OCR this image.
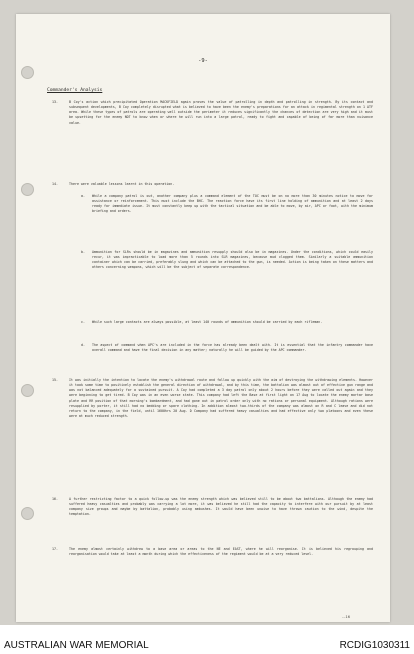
-9-
Commander's Analysis
13.	B Coy's action which precipitated Operation MACKFIELD again proves the value of patrolling in depth and patrolling in strength. By its contact and subsequent developments, B Coy completely disrupted what is believed to have been the enemy's preparations for an attack in regimental strength on 1 ATF area. While these types of patrols are operating well outside the perimeter it reduces significantly the chances of detection are very high and it must be upsetting for the enemy NOT to know when or where he will run into a large patrol, ready to fight and capable of being of far more than nuisance value.
14.	There were valuable lessons learnt in this operation.
a. While a company patrol is out, another company plus a command element of the TOC must be on no more than 30 minutes notice to move for assistance or reinforcement. This must include the BHC. The reaction force have its first line holding of ammunition and at least 2 days ready for immediate issue. It must constantly keep up with the tactical situation and be able to move, by air, APC or foot, with the minimum briefing and orders.
b. Ammunition for SLRs should be in magazines and ammunition resupply should also be in magazines. Under the conditions, which could easily recur, it was impracticable to load more than 5 rounds into SLR magazines, because mud clogged them. Similarly a suitable ammunition container which can be carried, preferably slung and which can be attached to the gun, is needed. Action is being taken on these matters and others concerning weapons, which will be the subject of separate correspondence.
c. While such large contacts are always possible, at least 140 rounds of ammunition should be carried by each rifleman.
d. The aspect of command when APC's are included in the force has already been dealt with. It is essential that the infantry commander have overall command and have the final decision in any matter; naturally he will be guided by the APC commander.
15.	It was initially the intention to locate the enemy's withdrawal route and follow up quickly with the aim of destroying the withdrawing elements. However it took some time to positively establish the general direction of withdrawal, and by this time, the battalion was almost out of effective gun range and was not balanced adequately for a sustained pursuit. A Coy had completed a 3 day patrol only about 2 hours before they were called out again and they were beginning to get tired. B Coy was in an even worse state. This company had left the Base at first light on 17 Aug to locate the enemy mortar base plate and RR position of that morning's bombardment, and had gone out in patrol order only with no rations or personal equipment. Although rations were resupplied by porter, it still had no bedding or spare clothing. In addition almost two-thirds of the company was almost on R and C leave and did not return to the company, in the field, until 1600hrs 20 Aug. D Company had suffered heavy casualties and had effective only two platoons and even these were at much reduced strength.
16.	A further restricting factor to a quick follow-up was the enemy strength which was believed still to be about two battalions. Although the enemy had suffered heavy casualties and probably was carrying a lot more, it was believed he still had the capacity to interfere with our pursuit by at least company size groups and maybe by battalion, probably using ambushes. It would have been unwise to have thrown caution to the wind, despite the temptation.
17.	The enemy almost certainly withdrew to a base area or areas to the NE and EAST, where he will reorganise. It is believed his regrouping and reorganisation would take at least a month during which the effectiveness of the regiment would be at a very reduced level.
...16
AUSTRALIAN WAR MEMORIAL	RCDIG1030311
